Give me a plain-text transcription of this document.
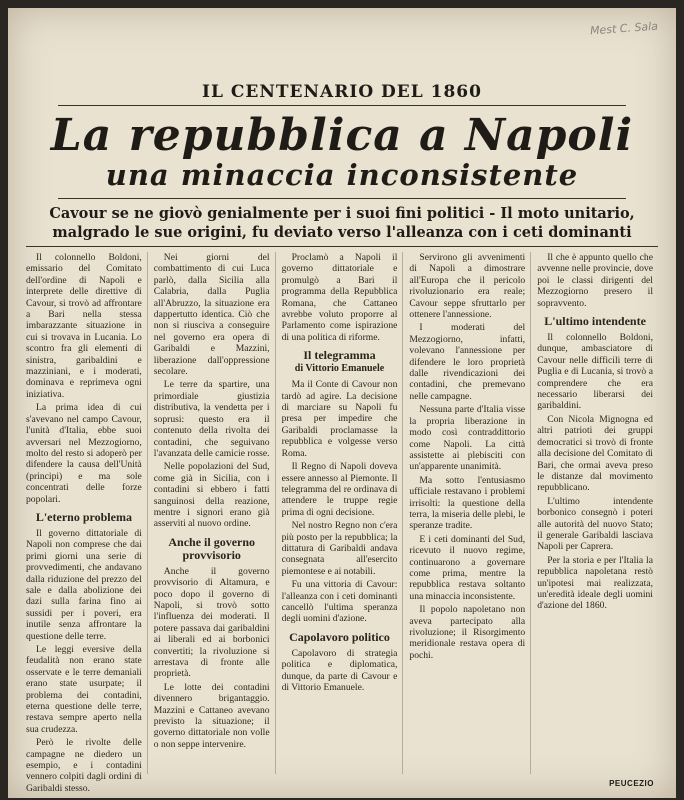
Mest C. Sala
IL CENTENARIO DEL 1860
La repubblica a Napoli
una minaccia inconsistente
Cavour se ne giovò genialmente per i suoi fini politici - Il moto unitario, malgrado le sue origini, fu deviato verso l'alleanza con i ceti dominanti

Il colonnello Boldoni, emissario del Comitato dell'ordine di Napoli e interprete delle direttive di Cavour, si trovò ad affrontare a Bari nella stessa imbarazzante situazione in cui si trovava in Lucania. Lo scontro fra gli elementi di sinistra, garibaldini e mazziniani, e i moderati, dominava e reprimeva ogni iniziativa.

La prima idea di cui s'avevano nel campo Cavour, l'unità d'Italia, ebbe suoi avversari nel Mezzogiorno, molto del resto si adoperò per difendere la causa dell'Unità (principi) e ma sole concentrati delle forze popolari.

L'eterno problema

Il governo dittatoriale di Napoli non comprese che dai primi giorni una serie di provvedimenti, che andavano dalla riduzione del prezzo del sale e dalla abolizione dei dazi sulla farina fino ai sussidi per i poveri, era inutile senza affrontare la questione delle terre.

Le leggi eversive della feudalità non erano state osservate e le terre demaniali erano state usurpate; il problema dei contadini, eterna questione delle terre, restava sempre aperto nella sua crudezza.

Però le rivolte delle campagne ne diedero un esempio, e i contadini vennero colpiti dagli ordini di Garibaldi stesso.

Nei giorni del combattimento di cui Luca parlò, dalla Sicilia alla Calabria, dalla Puglia all'Abruzzo, la situazione era dappertutto identica. Ciò che non si riusciva a conseguire nel governo era opera di Garibaldi e Mazzini, liberazione dall'oppressione secolare.

Le terre da spartire, una primordiale giustizia distributiva, la vendetta per i soprusi: questo era il contenuto della rivolta dei contadini, che seguivano l'avanzata delle camicie rosse.

Nelle popolazioni del Sud, come già in Sicilia, con i contadini si ebbero i fatti sanguinosi della reazione, mentre i signori erano già asserviti al nuovo ordine.

Anche il governo provvisorio

Anche il governo provvisorio di Altamura, e poco dopo il governo di Napoli, si trovò sotto l'influenza dei moderati. Il potere passava dai garibaldini ai liberali ed ai borbonici convertiti; la rivoluzione si arrestava di fronte alle proprietà.

Le lotte dei contadini divennero brigantaggio. Mazzini e Cattaneo avevano previsto la situazione; il governo dittatoriale non volle o non seppe intervenire.

Proclamò a Napoli il governo dittatoriale e promulgò a Bari il programma della Repubblica Romana, che Cattaneo avrebbe voluto proporre al Parlamento come ispirazione di una politica di riforme.

Il telegramma
di Vittorio Emanuele

Ma il Conte di Cavour non tardò ad agire. La decisione di marciare su Napoli fu presa per impedire che Garibaldi proclamasse la repubblica e volgesse verso Roma.

Il Regno di Napoli doveva essere annesso al Piemonte. Il telegramma del re ordinava di attendere le truppe regie prima di ogni decisione.

Nel nostro Regno non c'era più posto per la repubblica; la dittatura di Garibaldi andava consegnata all'esercito piemontese e ai notabili.

Fu una vittoria di Cavour: l'alleanza con i ceti dominanti cancellò l'ultima speranza degli uomini d'azione.

Capolavoro politico

Capolavoro di strategia politica e diplomatica, dunque, da parte di Cavour e di Vittorio Emanuele.

Servirono gli avvenimenti di Napoli a dimostrare all'Europa che il pericolo rivoluzionario era reale; Cavour seppe sfruttarlo per ottenere l'annessione.

I moderati del Mezzogiorno, infatti, volevano l'annessione per difendere le loro proprietà dalle rivendicazioni dei contadini, che premevano nelle campagne.

Nessuna parte d'Italia visse la propria liberazione in modo così contraddittorio come Napoli. La città assistette ai plebisciti con un'apparente unanimità.

Ma sotto l'entusiasmo ufficiale restavano i problemi irrisolti: la questione della terra, la miseria delle plebi, le speranze tradite.

E i ceti dominanti del Sud, ricevuto il nuovo regime, continuarono a governare come prima, mentre la repubblica restava soltanto una minaccia inconsistente.

Il popolo napoletano non aveva partecipato alla rivoluzione; il Risorgimento meridionale restava opera di pochi.

Il che è appunto quello che avvenne nelle provincie, dove poi le classi dirigenti del Mezzogiorno presero il sopravvento.

L'ultimo intendente

Il colonnello Boldoni, dunque, ambasciatore di Cavour nelle difficili terre di Puglia e di Lucania, si trovò a comprendere che era necessario liberarsi dei garibaldini.

Con Nicola Mignogna ed altri patrioti dei gruppi democratici si trovò di fronte alla decisione del Comitato di Bari, che ormai aveva preso le distanze dal movimento repubblicano.

L'ultimo intendente borbonico consegnò i poteri alle autorità del nuovo Stato; il generale Garibaldi lasciava Napoli per Caprera.

Per la storia e per l'Italia la repubblica napoletana restò un'ipotesi mai realizzata, un'eredità ideale degli uomini d'azione del 1860.

PEUCEZIO
